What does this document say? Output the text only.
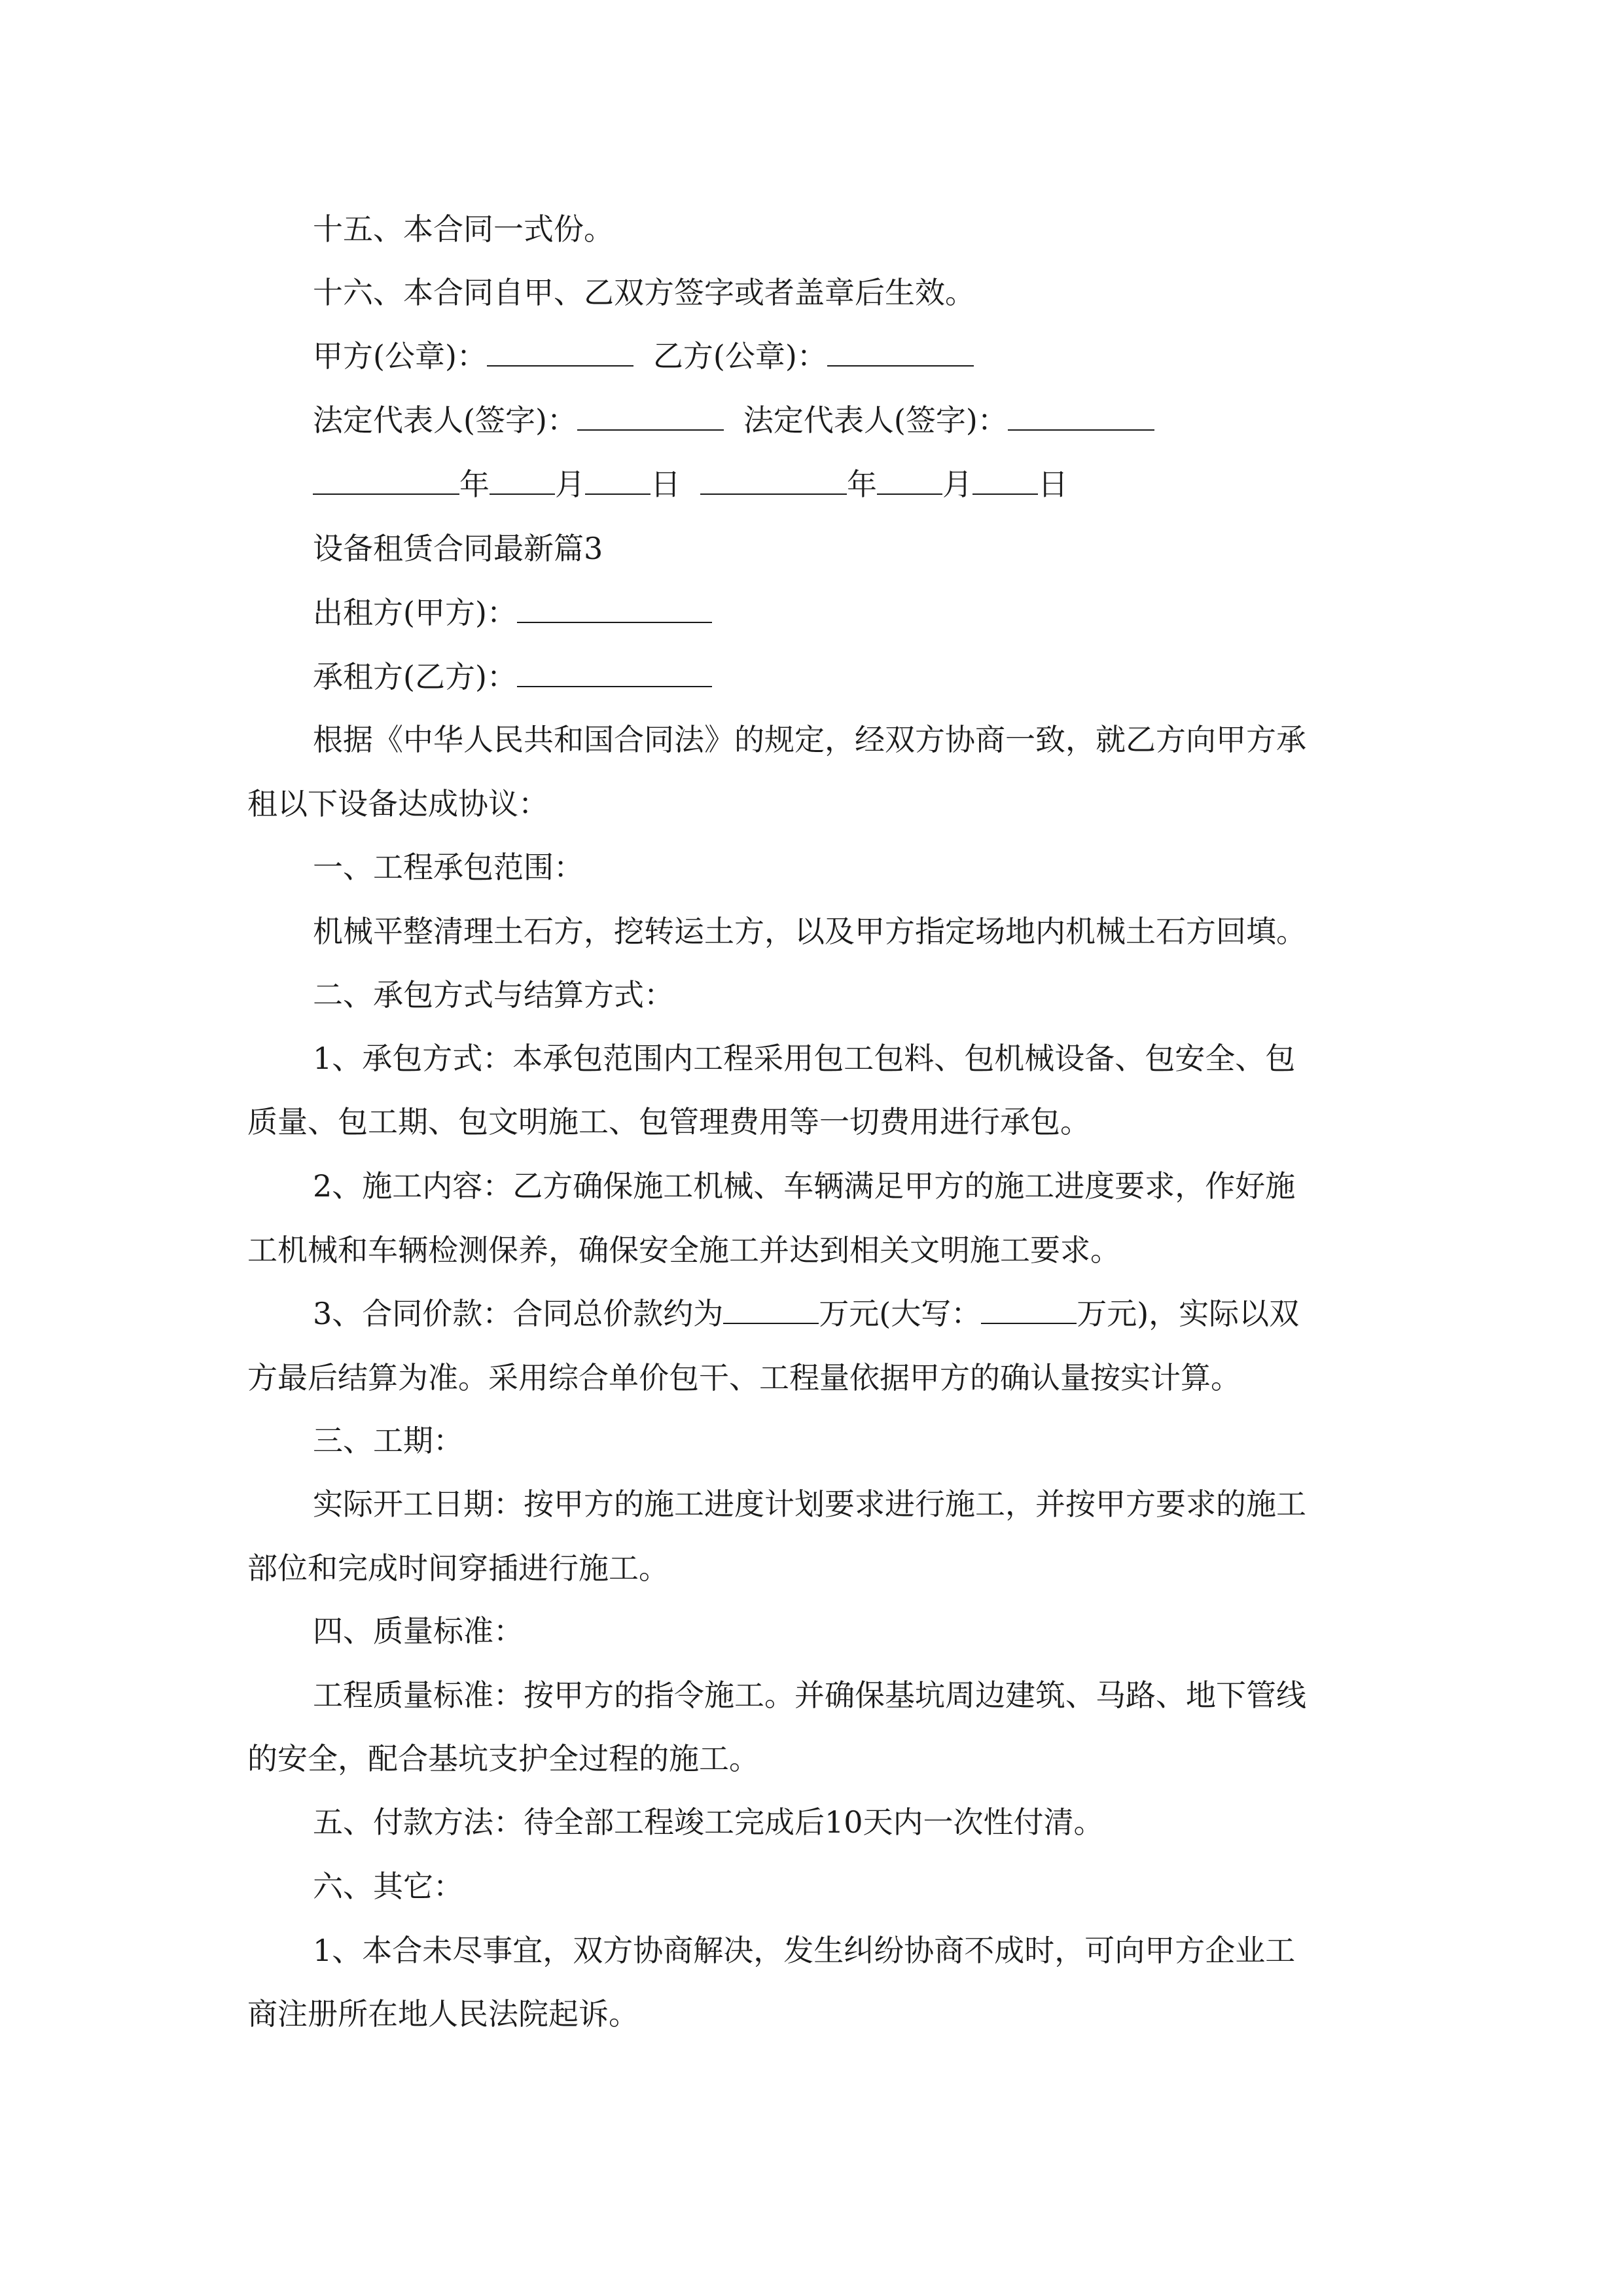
十五、本合同一式份。
十六、本合同自甲、乙双方签字或者盖章后生效。
甲方(公章)：	乙方(公章)：
法定代表人(签字)：	法定代表人(签字)：
年 月 日	年 月 日
设备租赁合同最新篇3
出租方(甲方)：
承租方(乙方)：
根据《中华人民共和国合同法》的规定，经双方协商一致，就乙方向甲方承
租以下设备达成协议：
一、工程承包范围：
机械平整清理土石方，挖转运土方，以及甲方指定场地内机械土石方回填。
二、承包方式与结算方式：
1、承包方式：本承包范围内工程采用包工包料、包机械设备、包安全、包
质量、包工期、包文明施工、包管理费用等一切费用进行承包。
2、施工内容：乙方确保施工机械、车辆满足甲方的施工进度要求，作好施
工机械和车辆检测保养，确保安全施工并达到相关文明施工要求。
3、合同价款：合同总价款约为	万元(大写：	万元)，实际以双
方最后结算为准。采用综合单价包干、工程量依据甲方的确认量按实计算。
三、工期：
实际开工日期：按甲方的施工进度计划要求进行施工，并按甲方要求的施工
部位和完成时间穿插进行施工。
四、质量标准：
工程质量标准：按甲方的指令施工。并确保基坑周边建筑、马路、地下管线
的安全，配合基坑支护全过程的施工。
五、付款方法：待全部工程竣工完成后10天内一次性付清。
六、其它：
1、本合未尽事宜，双方协商解决，发生纠纷协商不成时，可向甲方企业工
商注册所在地人民法院起诉。
